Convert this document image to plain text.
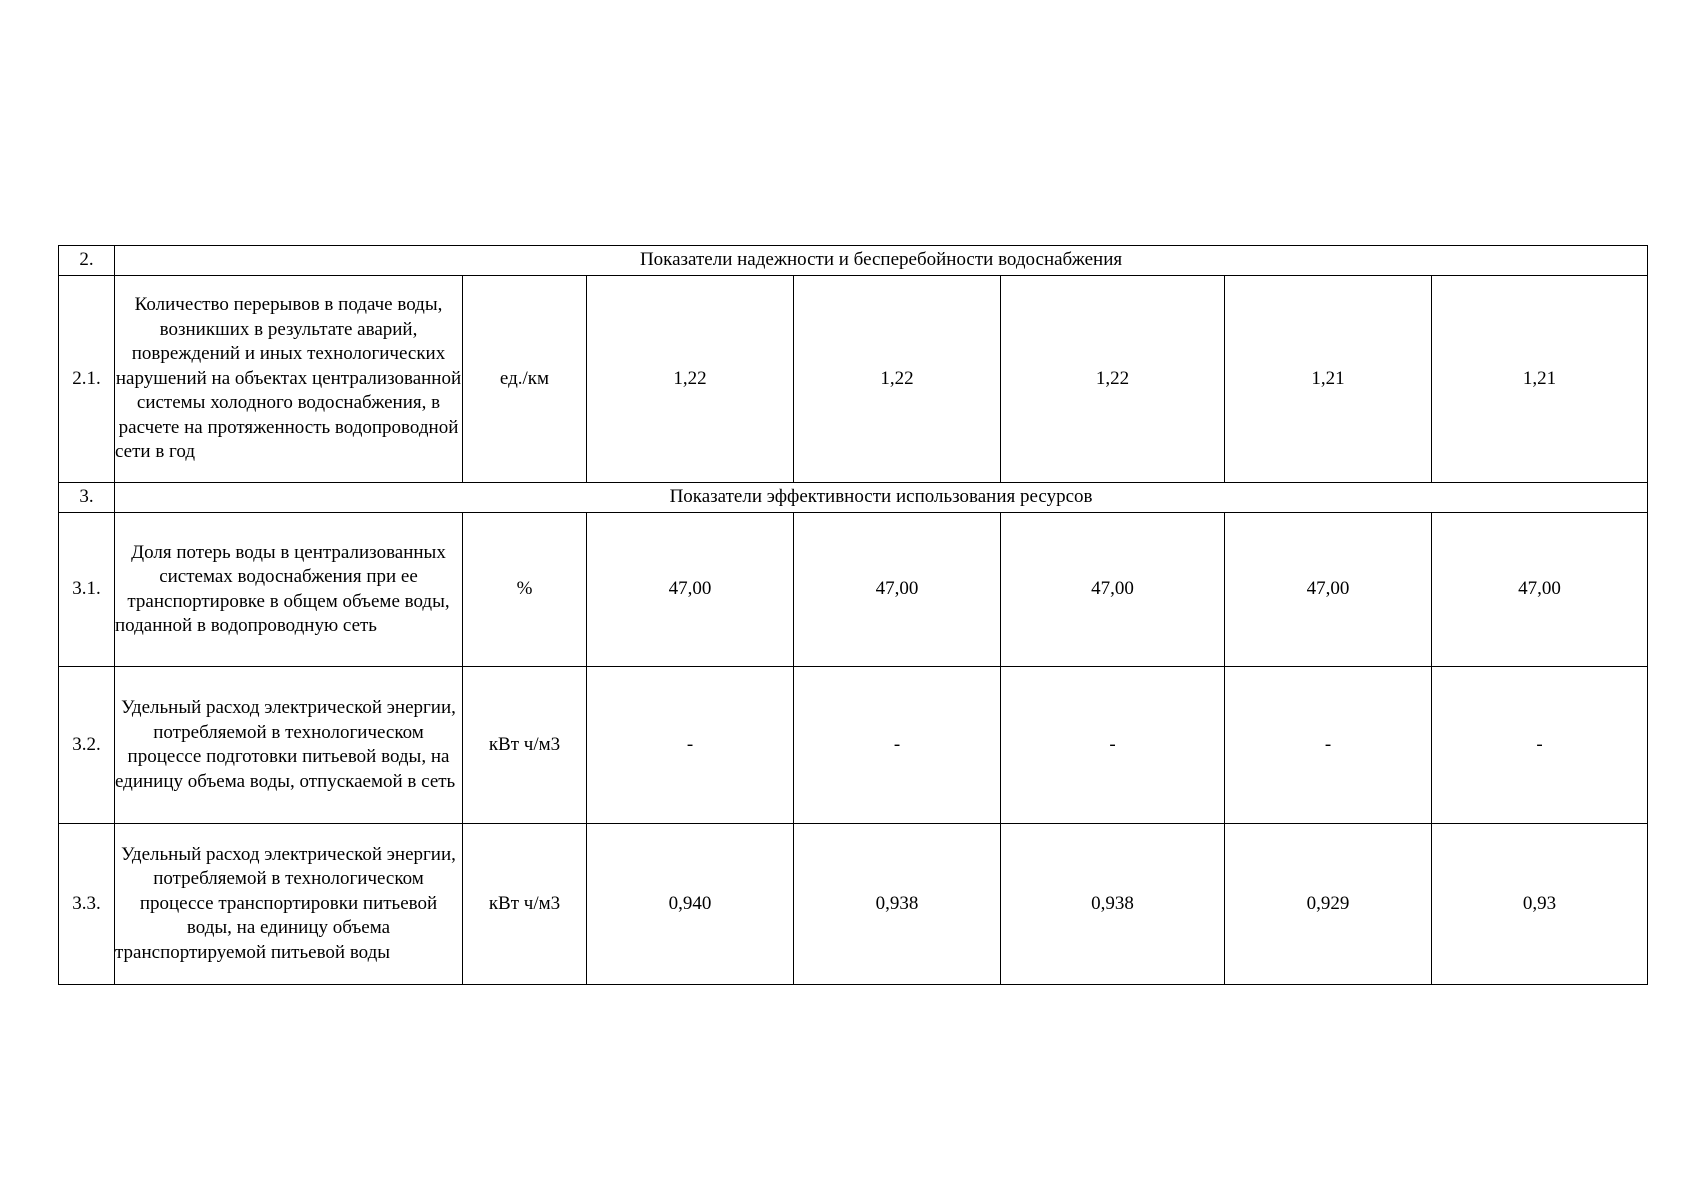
2.	Показатели надежности и бесперебойности водоснабжения						
2.1.	Количество перерывов в подаче воды, возникших в результате аварий, повреждений и иных технологических нарушений на объектах централизованной системы холодного водоснабжения, в расчете на протяженность водопроводной сети в год	ед./км	1,22	1,22	1,22	1,21	1,21
3.	Показатели эффективности использования ресурсов						
3.1.	Доля потерь воды в централизованных системах водоснабжения при ее транспортировке в общем объеме воды, поданной в водопроводную сеть	%	47,00	47,00	47,00	47,00	47,00
3.2.	Удельный расход электрической энергии, потребляемой в технологическом процессе подготовки питьевой воды, на единицу объема воды, отпускаемой в сеть	кВт ч/м3	-	-	-	-	-
3.3.	Удельный расход электрической энергии, потребляемой в технологическом процессе транспортировки питьевой воды, на единицу объема транспортируемой питьевой воды	кВт ч/м3	0,940	0,938	0,938	0,929	0,93
